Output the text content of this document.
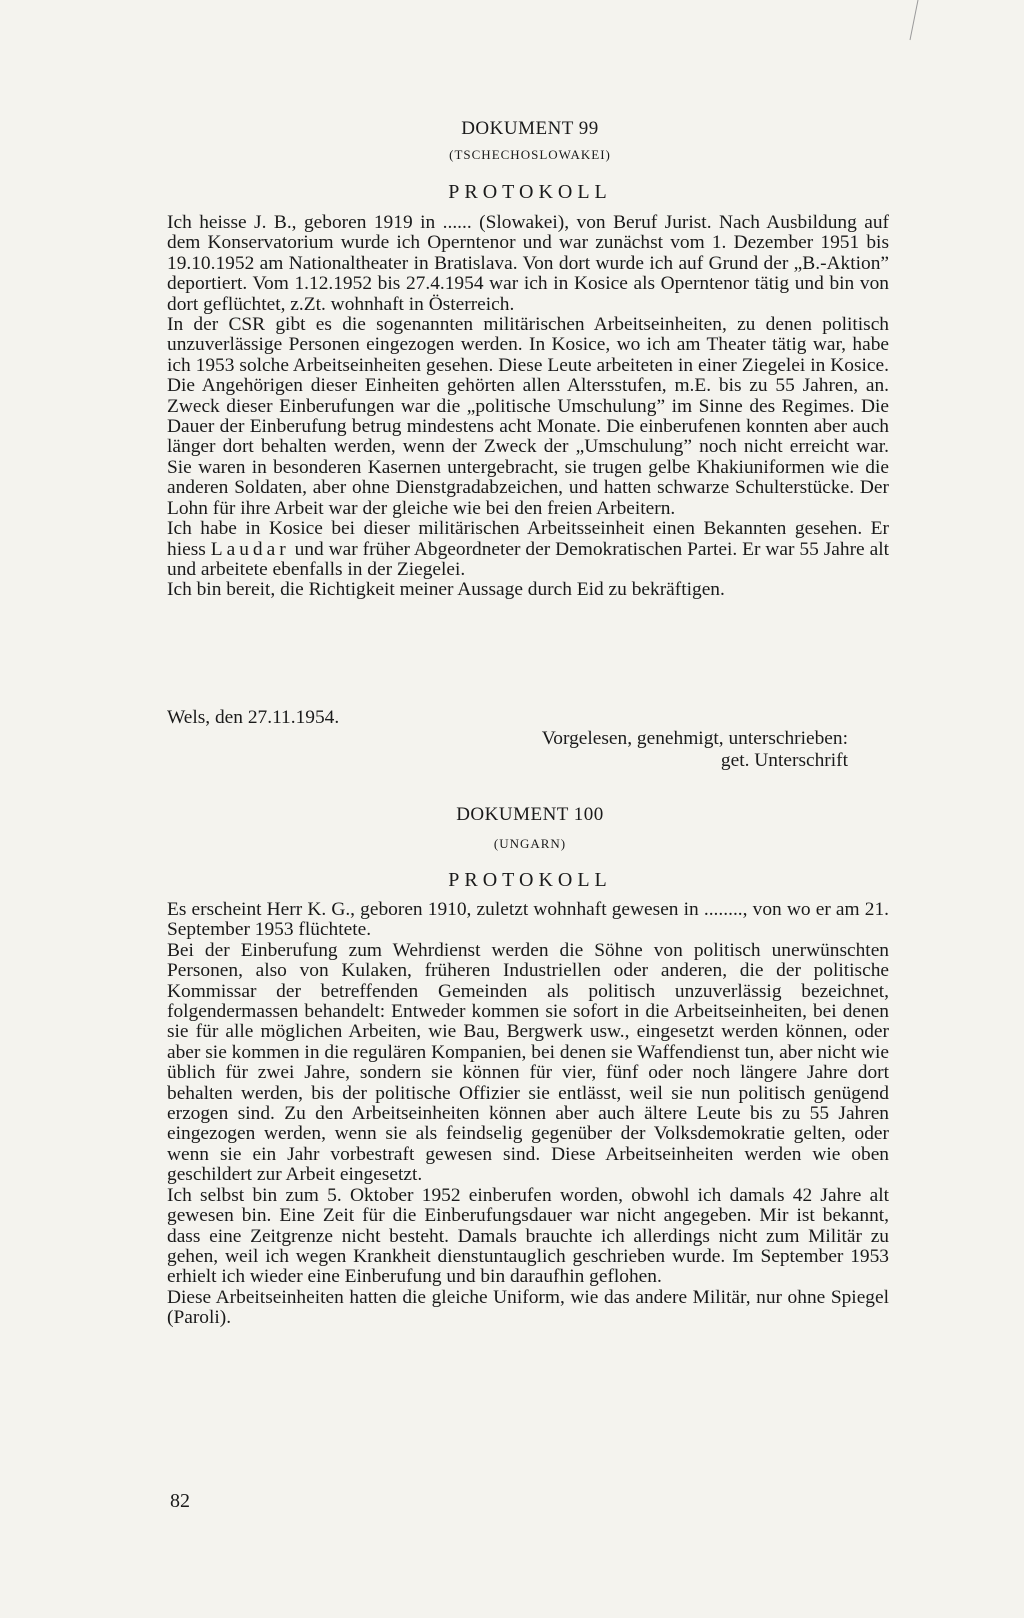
DOKUMENT 99
(TSCHECHOSLOWAKEI)
PROTOKOLL

Ich heisse J. B., geboren 1919 in ...... (Slowakei), von Beruf Jurist. Nach Ausbildung auf dem Konservatorium wurde ich Operntenor und war zunächst vom 1. Dezember 1951 bis 19.10.1952 am Nationaltheater in Bratislava. Von dort wurde ich auf Grund der „B.-Aktion” deportiert. Vom 1.12.1952 bis 27.4.1954 war ich in Kosice als Operntenor tätig und bin von dort geflüchtet, z.Zt. wohnhaft in Österreich.

In der CSR gibt es die sogenannten militärischen Arbeitseinheiten, zu denen politisch unzuverlässige Personen eingezogen werden. In Kosice, wo ich am Theater tätig war, habe ich 1953 solche Arbeitseinheiten gesehen. Diese Leute arbeiteten in einer Ziegelei in Kosice. Die Angehörigen dieser Einheiten gehörten allen Altersstufen, m.E. bis zu 55 Jahren, an. Zweck dieser Einberufungen war die „politische Umschulung” im Sinne des Regimes. Die Dauer der Einberufung betrug mindestens acht Monate. Die einberufenen konnten aber auch länger dort behalten werden, wenn der Zweck der „Umschulung” noch nicht erreicht war. Sie waren in besonderen Kasernen untergebracht, sie trugen gelbe Khakiuniformen wie die anderen Soldaten, aber ohne Dienstgradabzeichen, und hatten schwarze Schulterstücke. Der Lohn für ihre Arbeit war der gleiche wie bei den freien Arbeitern.

Ich habe in Kosice bei dieser militärischen Arbeitsseinheit einen Bekannten gesehen. Er hiess Laudar und war früher Abgeordneter der Demokratischen Partei. Er war 55 Jahre alt und arbeitete ebenfalls in der Ziegelei.

Ich bin bereit, die Richtigkeit meiner Aussage durch Eid zu bekräftigen.

Wels, den 27.11.1954.
Vorgelesen, genehmigt, unterschrieben:
get. Unterschrift
DOKUMENT 100
(UNGARN)
PROTOKOLL

Es erscheint Herr K. G., geboren 1910, zuletzt wohnhaft gewesen in ........, von wo er am 21. September 1953 flüchtete.

Bei der Einberufung zum Wehrdienst werden die Söhne von politisch unerwünschten Personen, also von Kulaken, früheren Industriellen oder anderen, die der politische Kommissar der betreffenden Gemeinden als politisch unzuverlässig bezeichnet, folgendermassen behandelt: Entweder kommen sie sofort in die Arbeitseinheiten, bei denen sie für alle möglichen Arbeiten, wie Bau, Bergwerk usw., eingesetzt werden können, oder aber sie kommen in die regulären Kompanien, bei denen sie Waffendienst tun, aber nicht wie üblich für zwei Jahre, sondern sie können für vier, fünf oder noch längere Jahre dort behalten werden, bis der politische Offizier sie entlässt, weil sie nun politisch genügend erzogen sind. Zu den Arbeitseinheiten können aber auch ältere Leute bis zu 55 Jahren eingezogen werden, wenn sie als feindselig gegenüber der Volksdemokratie gelten, oder wenn sie ein Jahr vorbestraft gewesen sind. Diese Arbeitseinheiten werden wie oben geschildert zur Arbeit eingesetzt.

Ich selbst bin zum 5. Oktober 1952 einberufen worden, obwohl ich damals 42 Jahre alt gewesen bin. Eine Zeit für die Einberufungsdauer war nicht angegeben. Mir ist bekannt, dass eine Zeitgrenze nicht besteht. Damals brauchte ich allerdings nicht zum Militär zu gehen, weil ich wegen Krankheit dienstuntauglich geschrieben wurde. Im September 1953 erhielt ich wieder eine Einberufung und bin daraufhin geflohen.

Diese Arbeitseinheiten hatten die gleiche Uniform, wie das andere Militär, nur ohne Spiegel (Paroli).

82
